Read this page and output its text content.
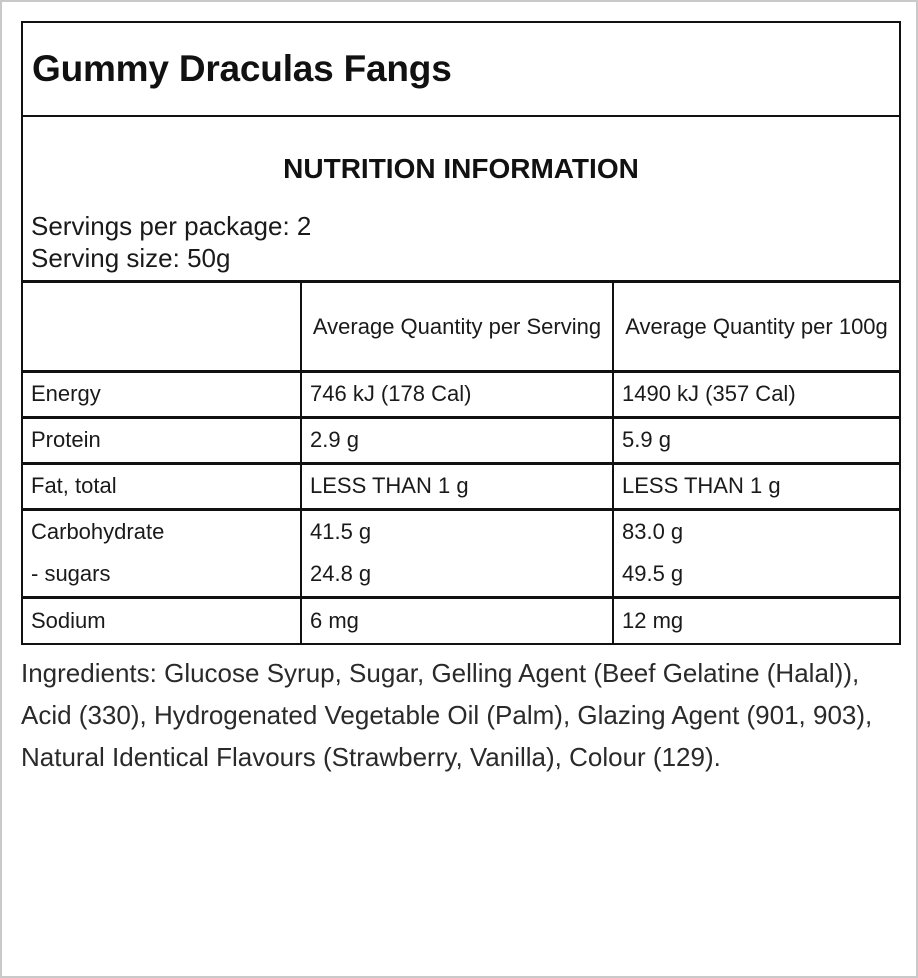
Gummy Draculas Fangs
NUTRITION INFORMATION
Servings per package: 2
Serving size: 50g
	Average Quantity per Serving	Average Quantity per 100g
Energy	746 kJ (178 Cal)	1490 kJ (357 Cal)
Protein	2.9 g	5.9 g
Fat, total	LESS THAN 1 g	LESS THAN 1 g
Carbohydrate	41.5 g	83.0 g
- sugars	24.8 g	49.5 g
Sodium	6 mg	12 mg

Ingredients: Glucose Syrup, Sugar, Gelling Agent (Beef Gelatine (Halal)), Acid (330), Hydrogenated Vegetable Oil (Palm), Glazing Agent (901, 903), Natural Identical Flavours (Strawberry, Vanilla), Colour (129).
